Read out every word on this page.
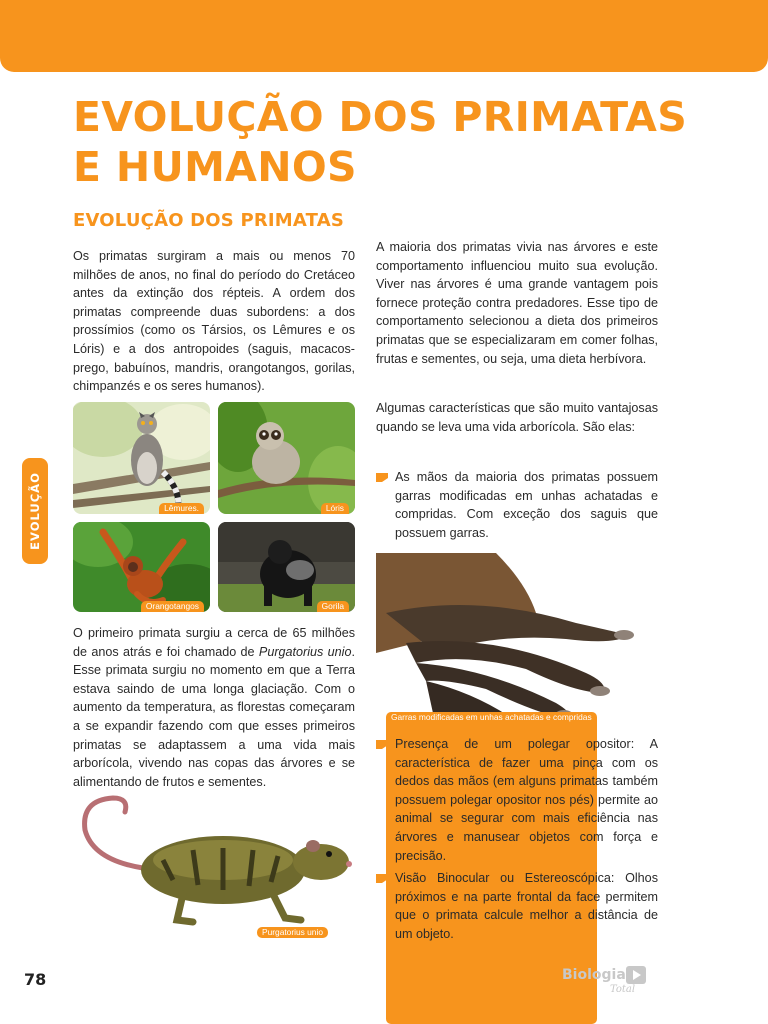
EVOLUÇÃO DOS PRIMATAS
E HUMANOS
EVOLUÇÃO DOS PRIMATAS
EVOLUÇÃO

Os primatas surgiram a mais ou menos 70 milhões de anos, no final do período do Cretáceo antes da extinção dos répteis. A ordem dos primatas compreende duas subordens: a dos prossímios (como os Társios, os Lêmures e os Lóris) e a dos antropoides (saguis, macacos-prego, babuínos, mandris, orangotangos, gorilas, chimpanzés e os seres humanos).

Lêmures.	Lóris
Orangotangos	Gorila

O primeiro primata surgiu a cerca de 65 milhões de anos atrás e foi chamado de Purgatorius unio. Esse primata surgiu no momento em que a Terra estava saindo de uma longa glaciação. Com o aumento da temperatura, as florestas começaram a se expandir fazendo com que esses primeiros primatas se adaptassem a uma vida mais arborícola, vivendo nas copas das árvores e se alimentando de frutos e sementes.

Purgatorius unio

A maioria dos primatas vivia nas árvores e este comportamento influenciou muito sua evolução. Viver nas árvores é uma grande vantagem pois fornece proteção contra predadores. Esse tipo de comportamento selecionou a dieta dos primeiros primatas que se especializaram em comer folhas, frutas e sementes, ou seja, uma dieta herbívora.

Algumas características que são muito vantajosas quando se leva uma vida arborícola. São elas:

As mãos da maioria dos primatas possuem garras modificadas em unhas achatadas e compridas. Com exceção dos saguis que possuem garras.

Garras modificadas em unhas achatadas e compridas

Presença de um polegar opositor: A característica de fazer uma pinça com os dedos das mãos (em alguns primatas também possuem polegar opositor nos pés) permite ao animal se segurar com mais eficiência nas árvores e manusear objetos com força e precisão.

Visão Binocular ou Estereoscópica: Olhos próximos e na parte frontal da face permitem que o primata calcule melhor a distância de um objeto.

78	Biologia
Total
